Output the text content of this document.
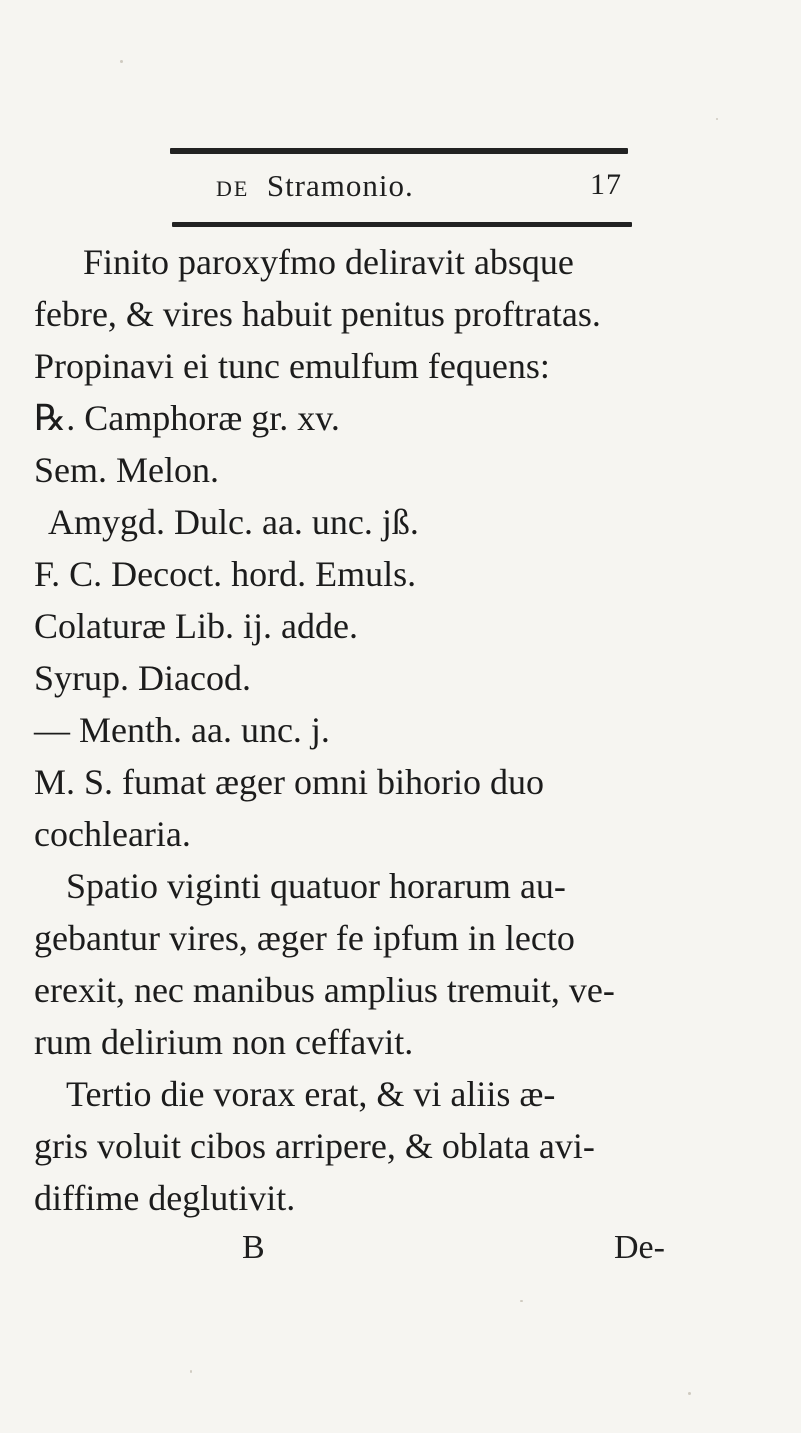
DE Stramonio.	17
Finito paroxyfmo deliravit absque
febre, & vires habuit penitus proftratas.
Propinavi ei tunc emulfum fequens:
℞. Camphoræ gr. xv.
Sem. Melon.
Amygd. Dulc. aa. unc. jß.
F. C. Decoct. hord. Emuls.
Colaturæ Lib. ij. adde.
Syrup. Diacod.
— Menth. aa. unc. j.
M. S. fumat æger omni bihorio duo
cochlearia.
Spatio viginti quatuor horarum au-
gebantur vires, æger fe ipfum in lecto
erexit, nec manibus amplius tremuit, ve-
rum delirium non ceffavit.
Tertio die vorax erat, & vi aliis æ-
gris voluit cibos arripere, & oblata avi-
diffime deglutivit.
B	De-
